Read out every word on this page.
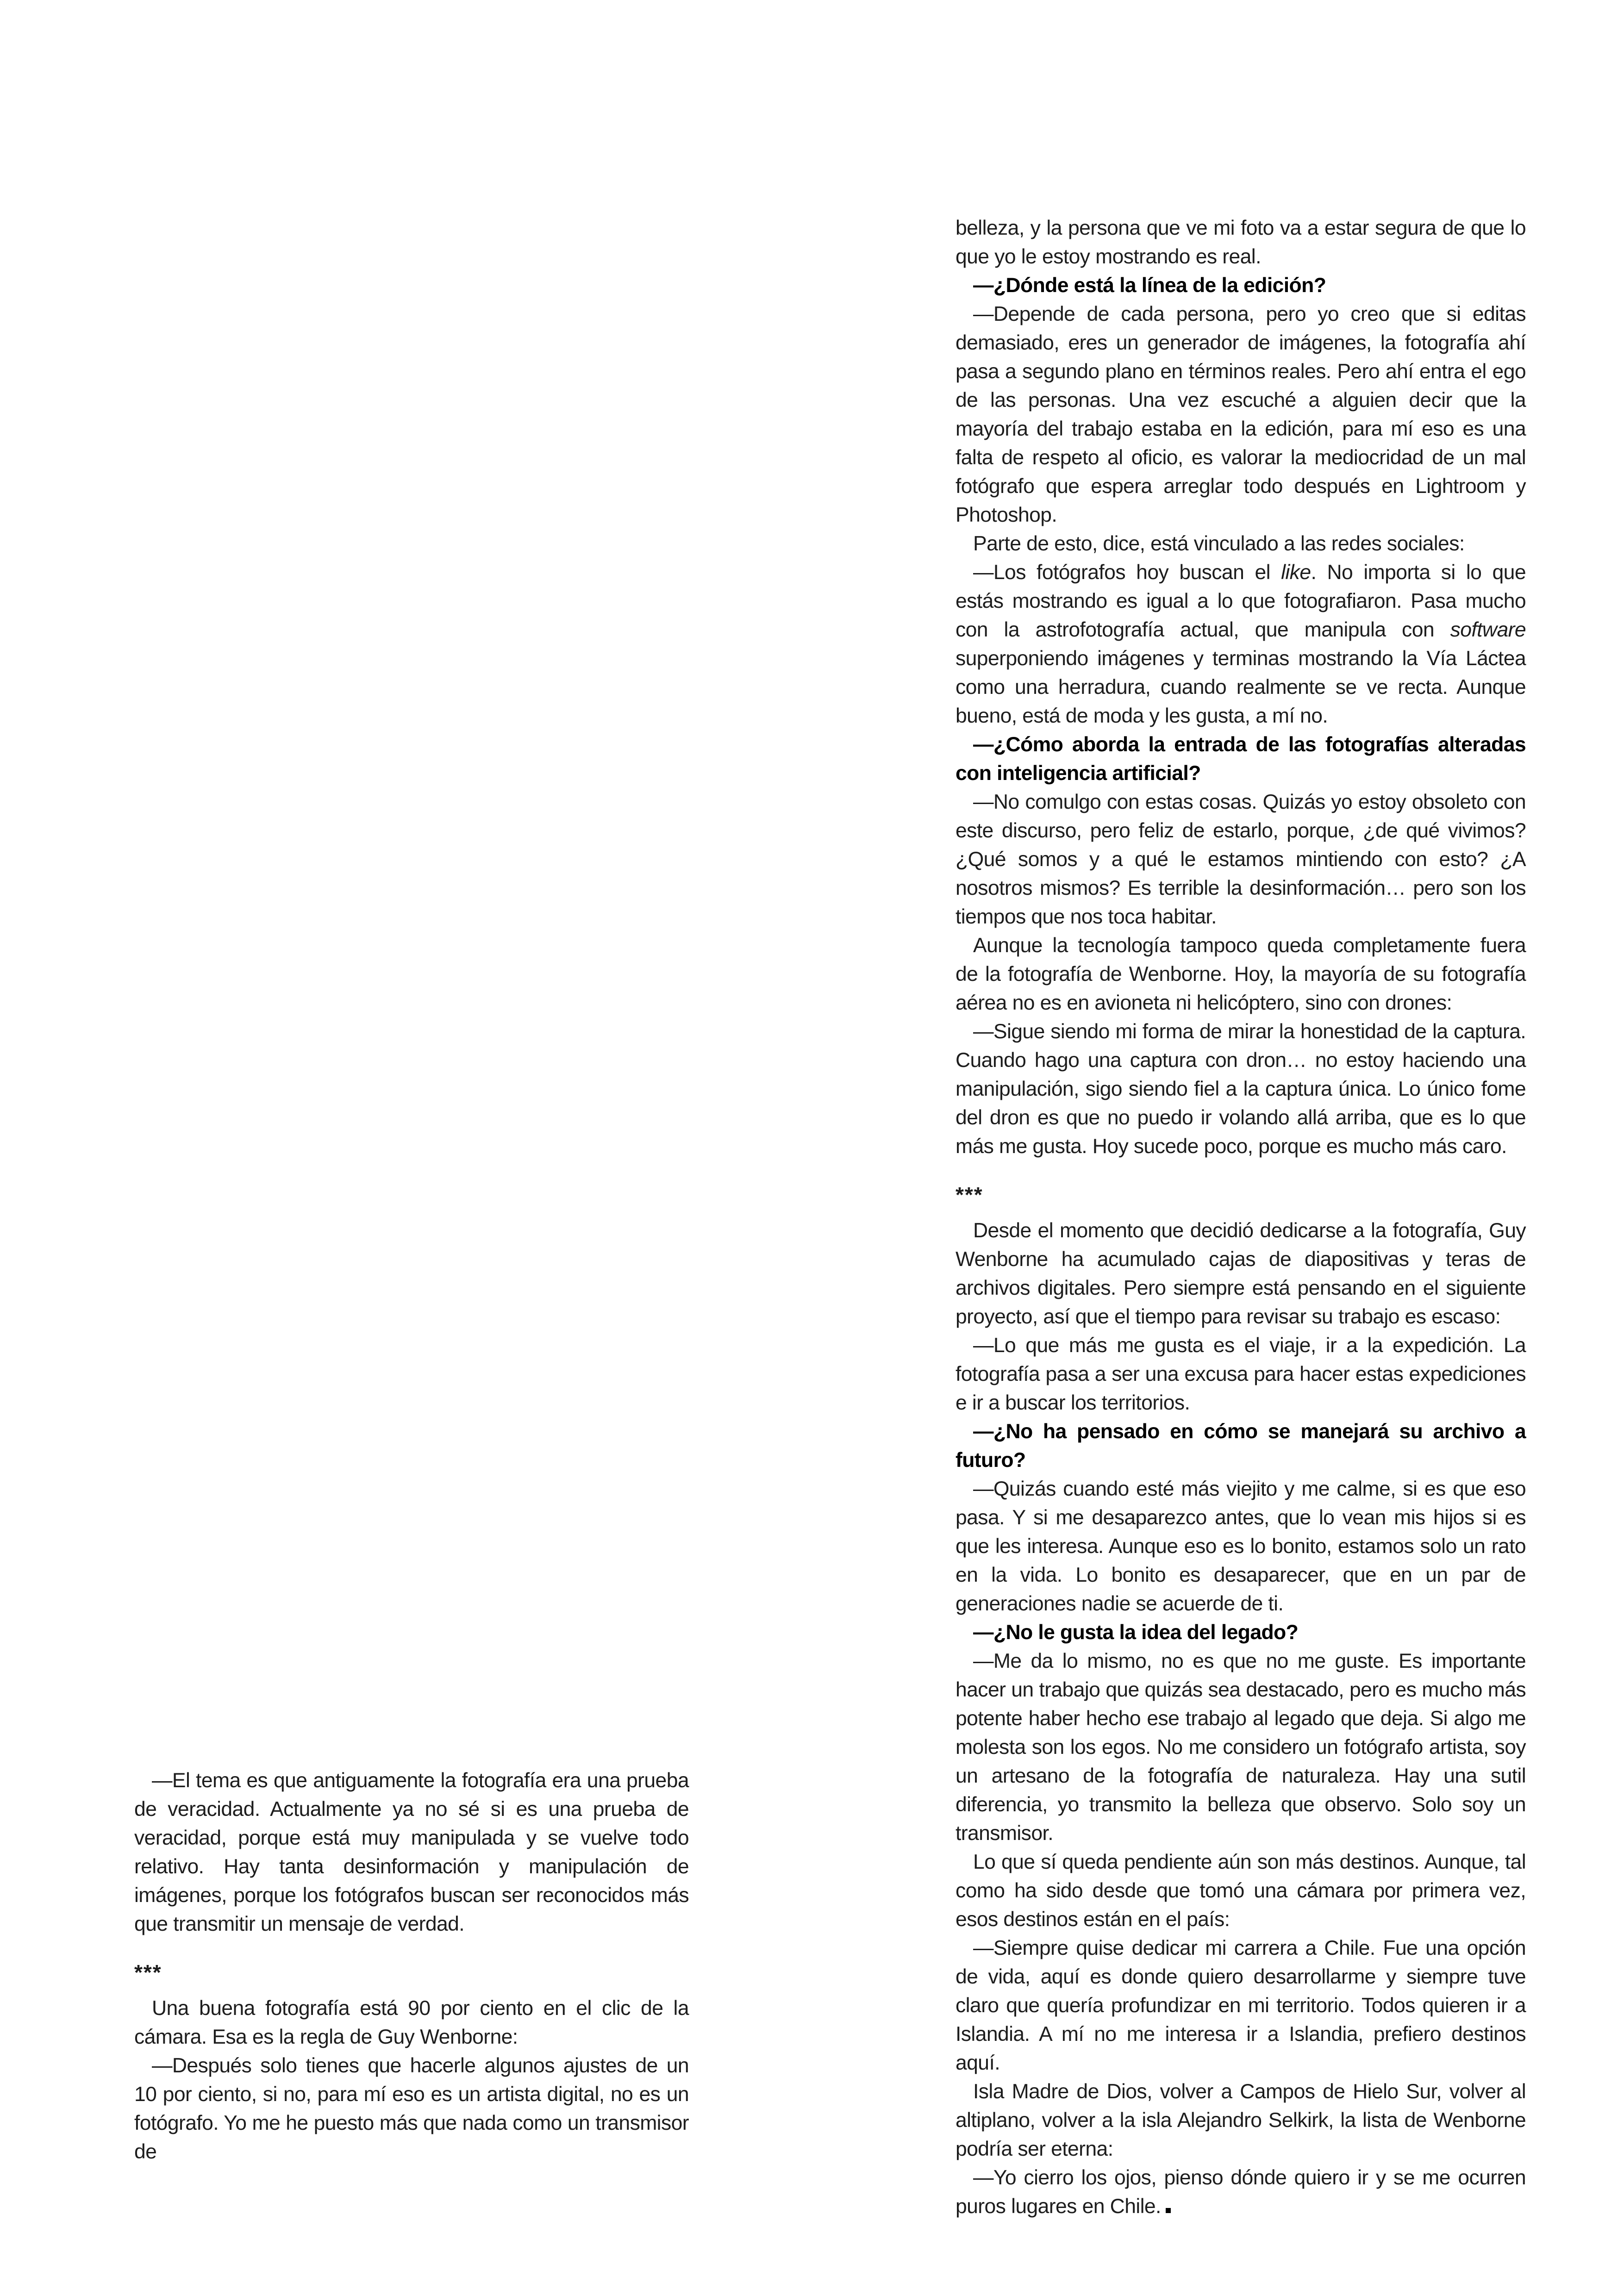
—El tema es que antiguamente la fotografía era una prueba de veracidad. Actualmente ya no sé si es una prueba de veracidad, porque está muy manipulada y se vuelve todo relativo. Hay tanta desinformación y manipulación de imágenes, porque los fotógrafos buscan ser reconocidos más que transmitir un mensaje de verdad.

***

Una buena fotografía está 90 por ciento en el clic de la cámara. Esa es la regla de Guy Wenborne:

—Después solo tienes que hacerle algunos ajustes de un 10 por ciento, si no, para mí eso es un artista digital, no es un fotógrafo. Yo me he puesto más que nada como un transmisor de

belleza, y la persona que ve mi foto va a estar segura de que lo que yo le estoy mostrando es real.

—¿Dónde está la línea de la edición?

—Depende de cada persona, pero yo creo que si editas demasiado, eres un generador de imágenes, la fotografía ahí pasa a segundo plano en términos reales. Pero ahí entra el ego de las personas. Una vez escuché a alguien decir que la mayoría del trabajo estaba en la edición, para mí eso es una falta de respeto al oficio, es valorar la mediocridad de un mal fotógrafo que espera arreglar todo después en Lightroom y Photoshop.

Parte de esto, dice, está vinculado a las redes sociales:

—Los fotógrafos hoy buscan el like. No importa si lo que estás mostrando es igual a lo que fotografiaron. Pasa mucho con la astrofotografía actual, que manipula con software superponiendo imágenes y terminas mostrando la Vía Láctea como una herradura, cuando realmente se ve recta. Aunque bueno, está de moda y les gusta, a mí no.

—¿Cómo aborda la entrada de las fotografías alteradas con inteligencia artificial?

—No comulgo con estas cosas. Quizás yo estoy obsoleto con este discurso, pero feliz de estarlo, porque, ¿de qué vivimos? ¿Qué somos y a qué le estamos mintiendo con esto? ¿A nosotros mismos? Es terrible la desinformación… pero son los tiempos que nos toca habitar.

Aunque la tecnología tampoco queda completamente fuera de la fotografía de Wenborne. Hoy, la mayoría de su fotografía aérea no es en avioneta ni helicóptero, sino con drones:

—Sigue siendo mi forma de mirar la honestidad de la captura. Cuando hago una captura con dron… no estoy haciendo una manipulación, sigo siendo fiel a la captura única. Lo único fome del dron es que no puedo ir volando allá arriba, que es lo que más me gusta. Hoy sucede poco, porque es mucho más caro.

***

Desde el momento que decidió dedicarse a la fotografía, Guy Wenborne ha acumulado cajas de diapositivas y teras de archivos digitales. Pero siempre está pensando en el siguiente proyecto, así que el tiempo para revisar su trabajo es escaso:

—Lo que más me gusta es el viaje, ir a la expedición. La fotografía pasa a ser una excusa para hacer estas expediciones e ir a buscar los territorios.

—¿No ha pensado en cómo se manejará su archivo a futuro?

—Quizás cuando esté más viejito y me calme, si es que eso pasa. Y si me desaparezco antes, que lo vean mis hijos si es que les interesa. Aunque eso es lo bonito, estamos solo un rato en la vida. Lo bonito es desaparecer, que en un par de generaciones nadie se acuerde de ti.

—¿No le gusta la idea del legado?

—Me da lo mismo, no es que no me guste. Es importante hacer un trabajo que quizás sea destacado, pero es mucho más potente haber hecho ese trabajo al legado que deja. Si algo me molesta son los egos. No me considero un fotógrafo artista, soy un artesano de la fotografía de naturaleza. Hay una sutil diferencia, yo transmito la belleza que observo. Solo soy un transmisor.

Lo que sí queda pendiente aún son más destinos. Aunque, tal como ha sido desde que tomó una cámara por primera vez, esos destinos están en el país:

—Siempre quise dedicar mi carrera a Chile. Fue una opción de vida, aquí es donde quiero desarrollarme y siempre tuve claro que quería profundizar en mi territorio. Todos quieren ir a Islandia. A mí no me interesa ir a Islandia, prefiero destinos aquí.

Isla Madre de Dios, volver a Campos de Hielo Sur, volver al altiplano, volver a la isla Alejandro Selkirk, la lista de Wenborne podría ser eterna:

—Yo cierro los ojos, pienso dónde quiero ir y se me ocurren puros lugares en Chile.
